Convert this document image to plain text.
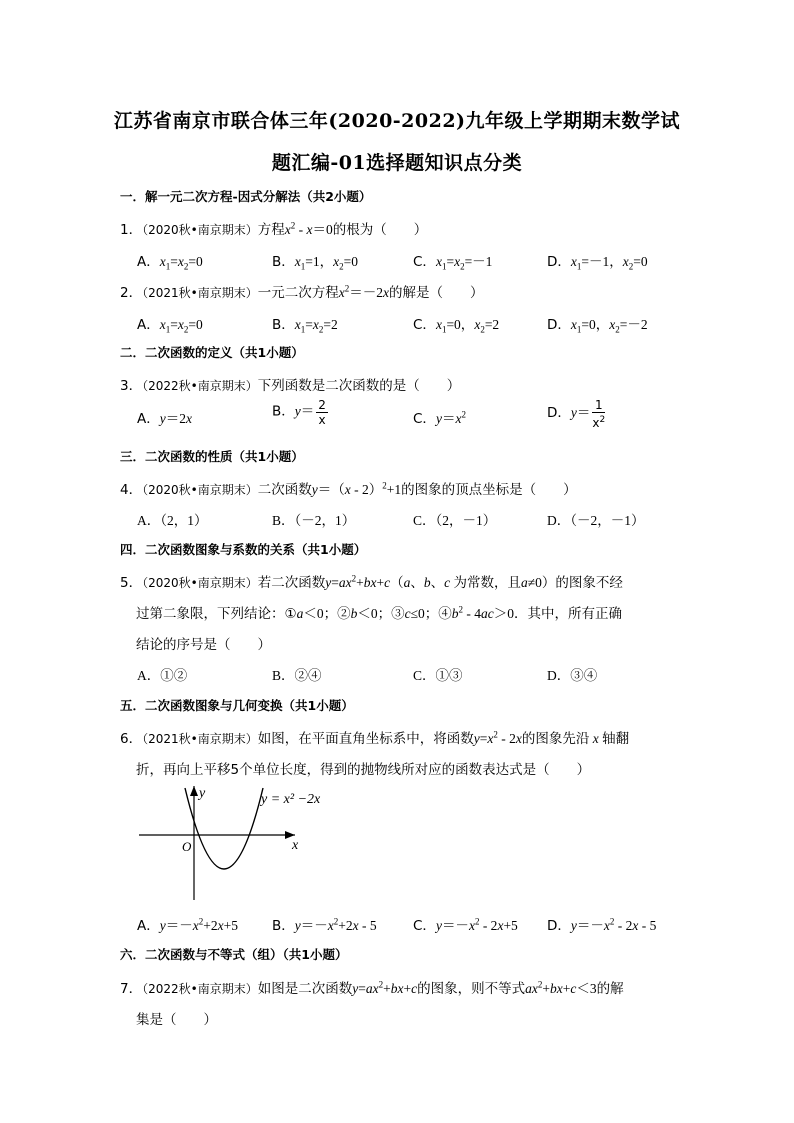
江苏省南京市联合体三年(2020-2022)九年级上学期期末数学试
题汇编-01选择题知识点分类
一．解一元二次方程-因式分解法（共2小题）
1．（2020秋•南京期末）方程$x^2 - x=0$的根为（　　）
A．$x_1=x_2=0$	B．$x_1=1$，$x_2=0$	C．$x_1=x_2=-1$	D．$x_1=-1$，$x_2=0$
2．（2021秋•南京期末）一元二次方程$x^2=-2x$的解是（　　）
A．$x_1=x_2=0$	B．$x_1=x_2=2$	C．$x_1=0$，$x_2=2$	D．$x_1=0$，$x_2=-2$
二．二次函数的定义（共1小题）
3．（2022秋•南京期末）下列函数是二次函数的是（　　）
A．y＝2x	B．$y= \frac{2}{x}$	C．$y=x^2$	D．$y= \frac{1}{x^2}$
三．二次函数的性质（共1小题）
4．（2020秋•南京期末）二次函数y＝（x - 2）$^2$+1的图象的顶点坐标是（　　）
A．（2，1）	B．（－2，1）	C．（2，－1）	D．（－2，－1）
四．二次函数图象与系数的关系（共1小题）
5．（2020秋•南京期末）若二次函数$y=ax^2+bx+c(a$、b、c 为常数，且a≠0）的图象不经
过第二象限，下列结论：①a＜0；②b＜0；③c≤0；$④b^2 - 4ac>0$．其中，所有正确
结论的序号是（　　）
A．①②	B．②④	C．①③	D．③④
五．二次函数图象与几何变换（共1小题）
6．（2021秋•南京期末）如图，在平面直角坐标系中，将函数$y=x^2 - 2x$的图象先沿 x 轴翻
折，再向上平移5个单位长度，得到的抛物线所对应的函数表达式是（　　）
y
x
O
y = x² −2x
A．$y=-x^2+2x+5$	B．$y=-x^2+2x - 5$	C．$y=-x^2 - 2x+5$ D．$y=-x^2 - 2x - 5$
六．二次函数与不等式（组）（共1小题）
7．（2022秋•南京期末）如图是二次函数$y=ax^2+bx+c$的图象，则不等式$ax^2+bx+c<3$的解
集是（　　）
